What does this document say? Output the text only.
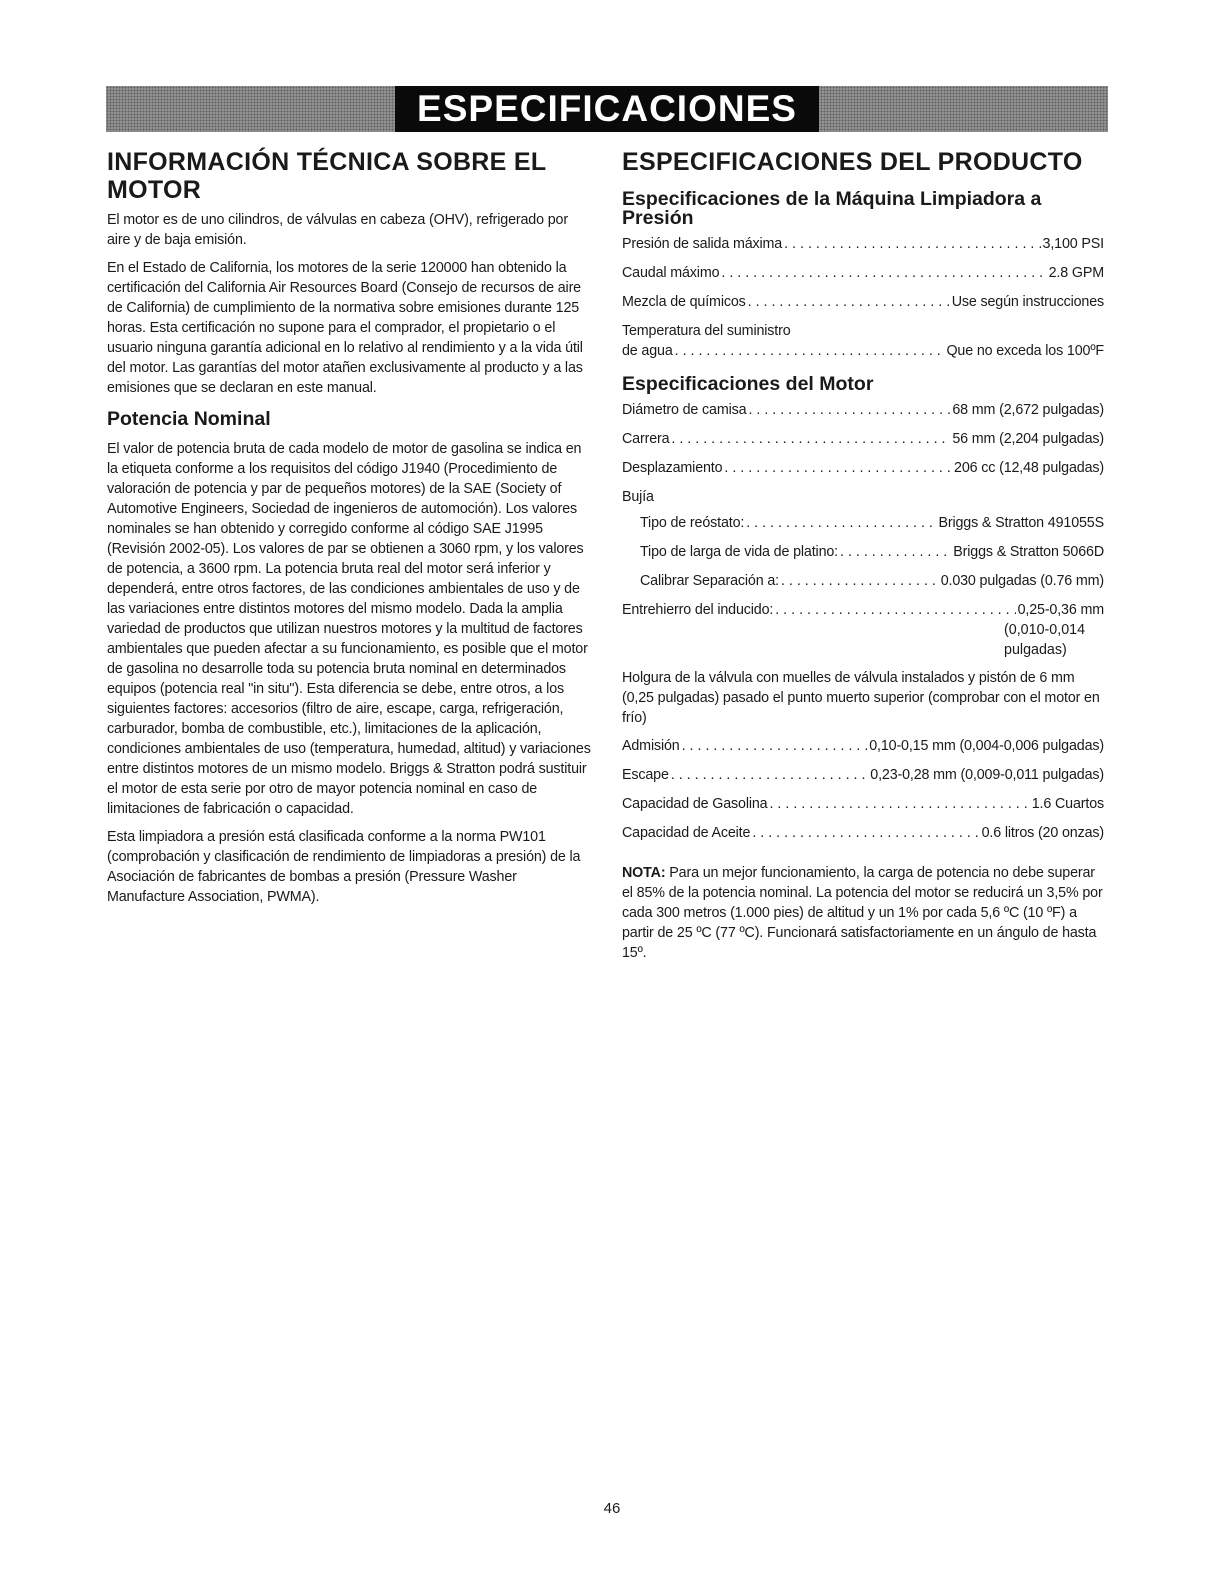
ESPECIFICACIONES
INFORMACIÓN TÉCNICA SOBRE EL MOTOR

El motor es de uno cilindros, de válvulas en cabeza (OHV), refrigerado por aire y de baja emisión.

En el Estado de California, los motores de la serie 120000 han obtenido la certificación del California Air Resources Board (Consejo de recursos de aire de California) de cumplimiento de la normativa sobre emisiones durante 125 horas. Esta certificación no supone para el comprador, el propietario o el usuario ninguna garantía adicional en lo relativo al rendimiento y a la vida útil del motor. Las garantías del motor atañen exclusivamente al producto y a las emisiones que se declaran en este manual.

Potencia Nominal

El valor de potencia bruta de cada modelo de motor de gasolina se indica en la etiqueta conforme a los requisitos del código J1940 (Procedimiento de valoración de potencia y par de pequeños motores) de la SAE (Society of Automotive Engineers, Sociedad de ingenieros de automoción). Los valores nominales se han obtenido y corregido conforme al código SAE J1995 (Revisión 2002-05). Los valores de par se obtienen a 3060 rpm, y los valores de potencia, a 3600 rpm. La potencia bruta real del motor será inferior y dependerá, entre otros factores, de las condiciones ambientales de uso y de las variaciones entre distintos motores del mismo modelo. Dada la amplia variedad de productos que utilizan nuestros motores y la multitud de factores ambientales que pueden afectar a su funcionamiento, es posible que el motor de gasolina no desarrolle toda su potencia bruta nominal en determinados equipos (potencia real "in situ"). Esta diferencia se debe, entre otros, a los siguientes factores: accesorios (filtro de aire, escape, carga, refrigeración, carburador, bomba de combustible, etc.), limitaciones de la aplicación, condiciones ambientales de uso (temperatura, humedad, altitud) y variaciones entre distintos motores de un mismo modelo. Briggs & Stratton podrá sustituir el motor de esta serie por otro de mayor potencia nominal en caso de limitaciones de fabricación o capacidad.

Esta limpiadora a presión está clasificada conforme a la norma PW101 (comprobación y clasificación de rendimiento de limpiadoras a presión) de la Asociación de fabricantes de bombas a presión (Pressure Washer Manufacture Association, PWMA).

ESPECIFICACIONES DEL PRODUCTO
Especificaciones de la Máquina Limpiadora a Presión
Presión de salida máxima . . .	3,100 PSI
Caudal máximo . . .	2.8 GPM
Mezcla de químicos . . .	Use según instrucciones
Temperatura del suministro
de agua . . .	Que no exceda los 100ºF
Especificaciones del Motor
Diámetro de camisa . . .	68 mm (2,672 pulgadas)
Carrera . . .	56 mm (2,204 pulgadas)
Desplazamiento . . .	206 cc (12,48 pulgadas)
Bujía
Tipo de reóstato: . . .	Briggs & Stratton 491055S
Tipo de larga de vida de platino: . . .	Briggs & Stratton 5066D
Calibrar Separación a: . . .	0.030 pulgadas (0.76 mm)
Entrehierro del inducido: . . .	0,25-0,36 mm
(0,010-0,014
pulgadas)

Holgura de la válvula con muelles de válvula instalados y pistón de 6 mm (0,25 pulgadas) pasado el punto muerto superior (comprobar con el motor en frío)

Admisión . . .	0,10-0,15 mm (0,004-0,006 pulgadas)
Escape . . .	0,23-0,28 mm (0,009-0,011 pulgadas)
Capacidad de Gasolina . . .	1.6 Cuartos
Capacidad de Aceite . . .	0.6 litros (20 onzas)
NOTA: Para un mejor funcionamiento, la carga de potencia no debe superar el 85% de la potencia nominal. La potencia del motor se reducirá un 3,5% por cada 300 metros (1.000 pies) de altitud y un 1% por cada 5,6 ºC (10 ºF) a partir de 25 ºC (77 ºC). Funcionará satisfactoriamente en un ángulo de hasta 15º.
46
